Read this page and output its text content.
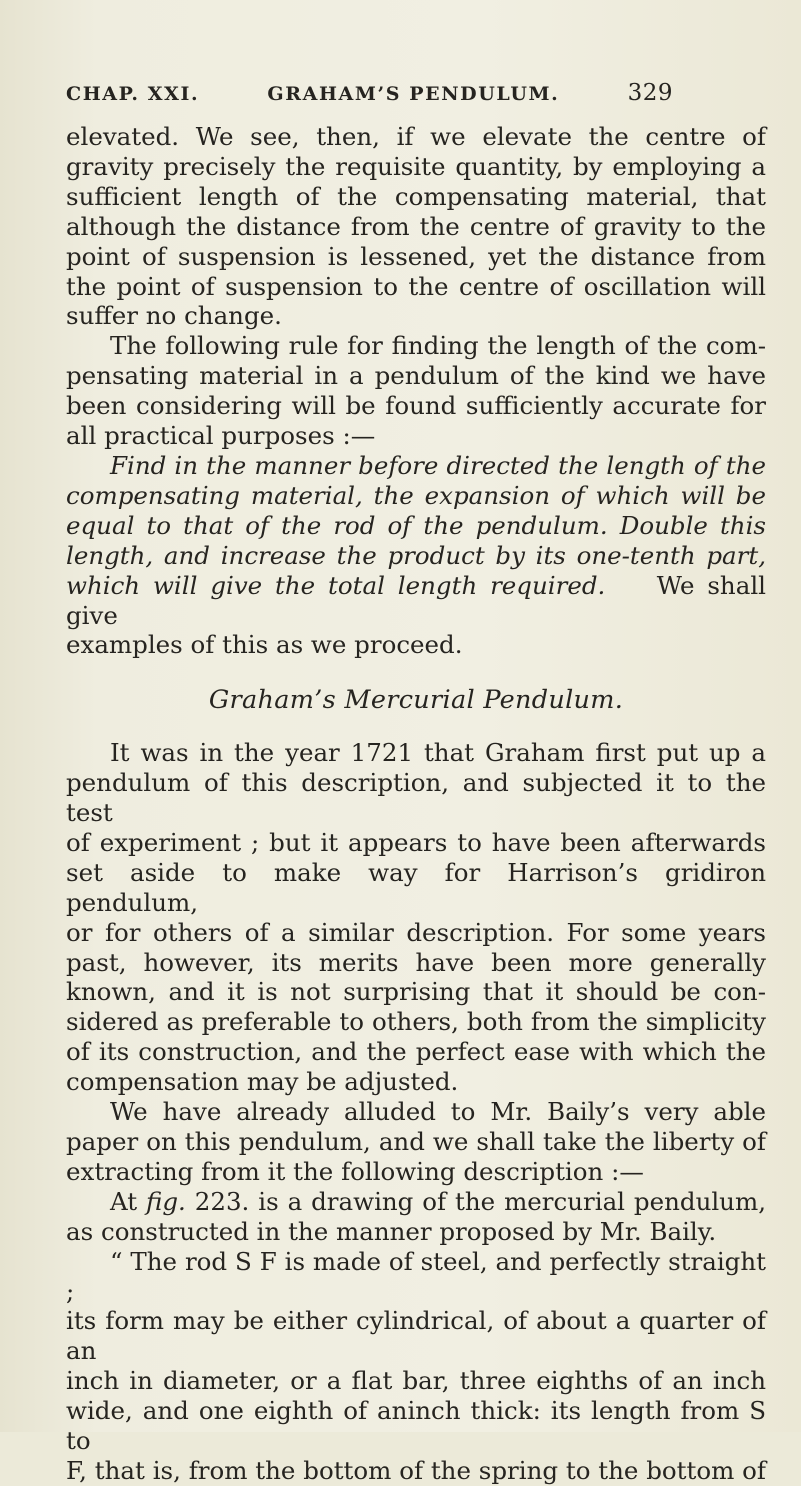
CHAP. XXI.	GRAHAM’S PENDULUM.	329

elevated. We see, then, if we elevate the centre of
gravity precisely the requisite quantity, by employing a
sufficient length of the compensating material, that
although the distance from the centre of gravity to the
point of suspension is lessened, yet the distance from
the point of suspension to the centre of oscillation will

suffer no change.

The following rule for finding the length of the com-

pensating material in a pendulum of the kind we have
been considering will be found sufficiently accurate for

all practical purposes :—

Find in the manner before directed the length of the

compensating material, the expansion of which will be
equal to that of the rod of the pendulum. Double this
length, and increase the product by its one-tenth part,

which will give the total length required. We shall give

examples of this as we proceed.

Graham’s Mercurial Pendulum.

It was in the year 1721 that Graham first put up a

pendulum of this description, and subjected it to the test
of experiment ; but it appears to have been afterwards
set aside to make way for Harrison’s gridiron pendulum,
or for others of a similar description. For some years
past, however, its merits have been more generally
known, and it is not surprising that it should be con-
sidered as preferable to others, both from the simplicity
of its construction, and the perfect ease with which the

compensation may be adjusted.

We have already alluded to Mr. Baily’s very able

paper on this pendulum, and we shall take the liberty of

extracting from it the following description :—

At fig. 223. is a drawing of the mercurial pendulum,

as constructed in the manner proposed by Mr. Baily.

“ The rod S F is made of steel, and perfectly straight ;

its form may be either cylindrical, of about a quarter of an
inch in diameter, or a flat bar, three eighths of an inch
wide, and one eighth of aninch thick: its length from S to
F, that is, from the bottom of the spring to the bottom of
